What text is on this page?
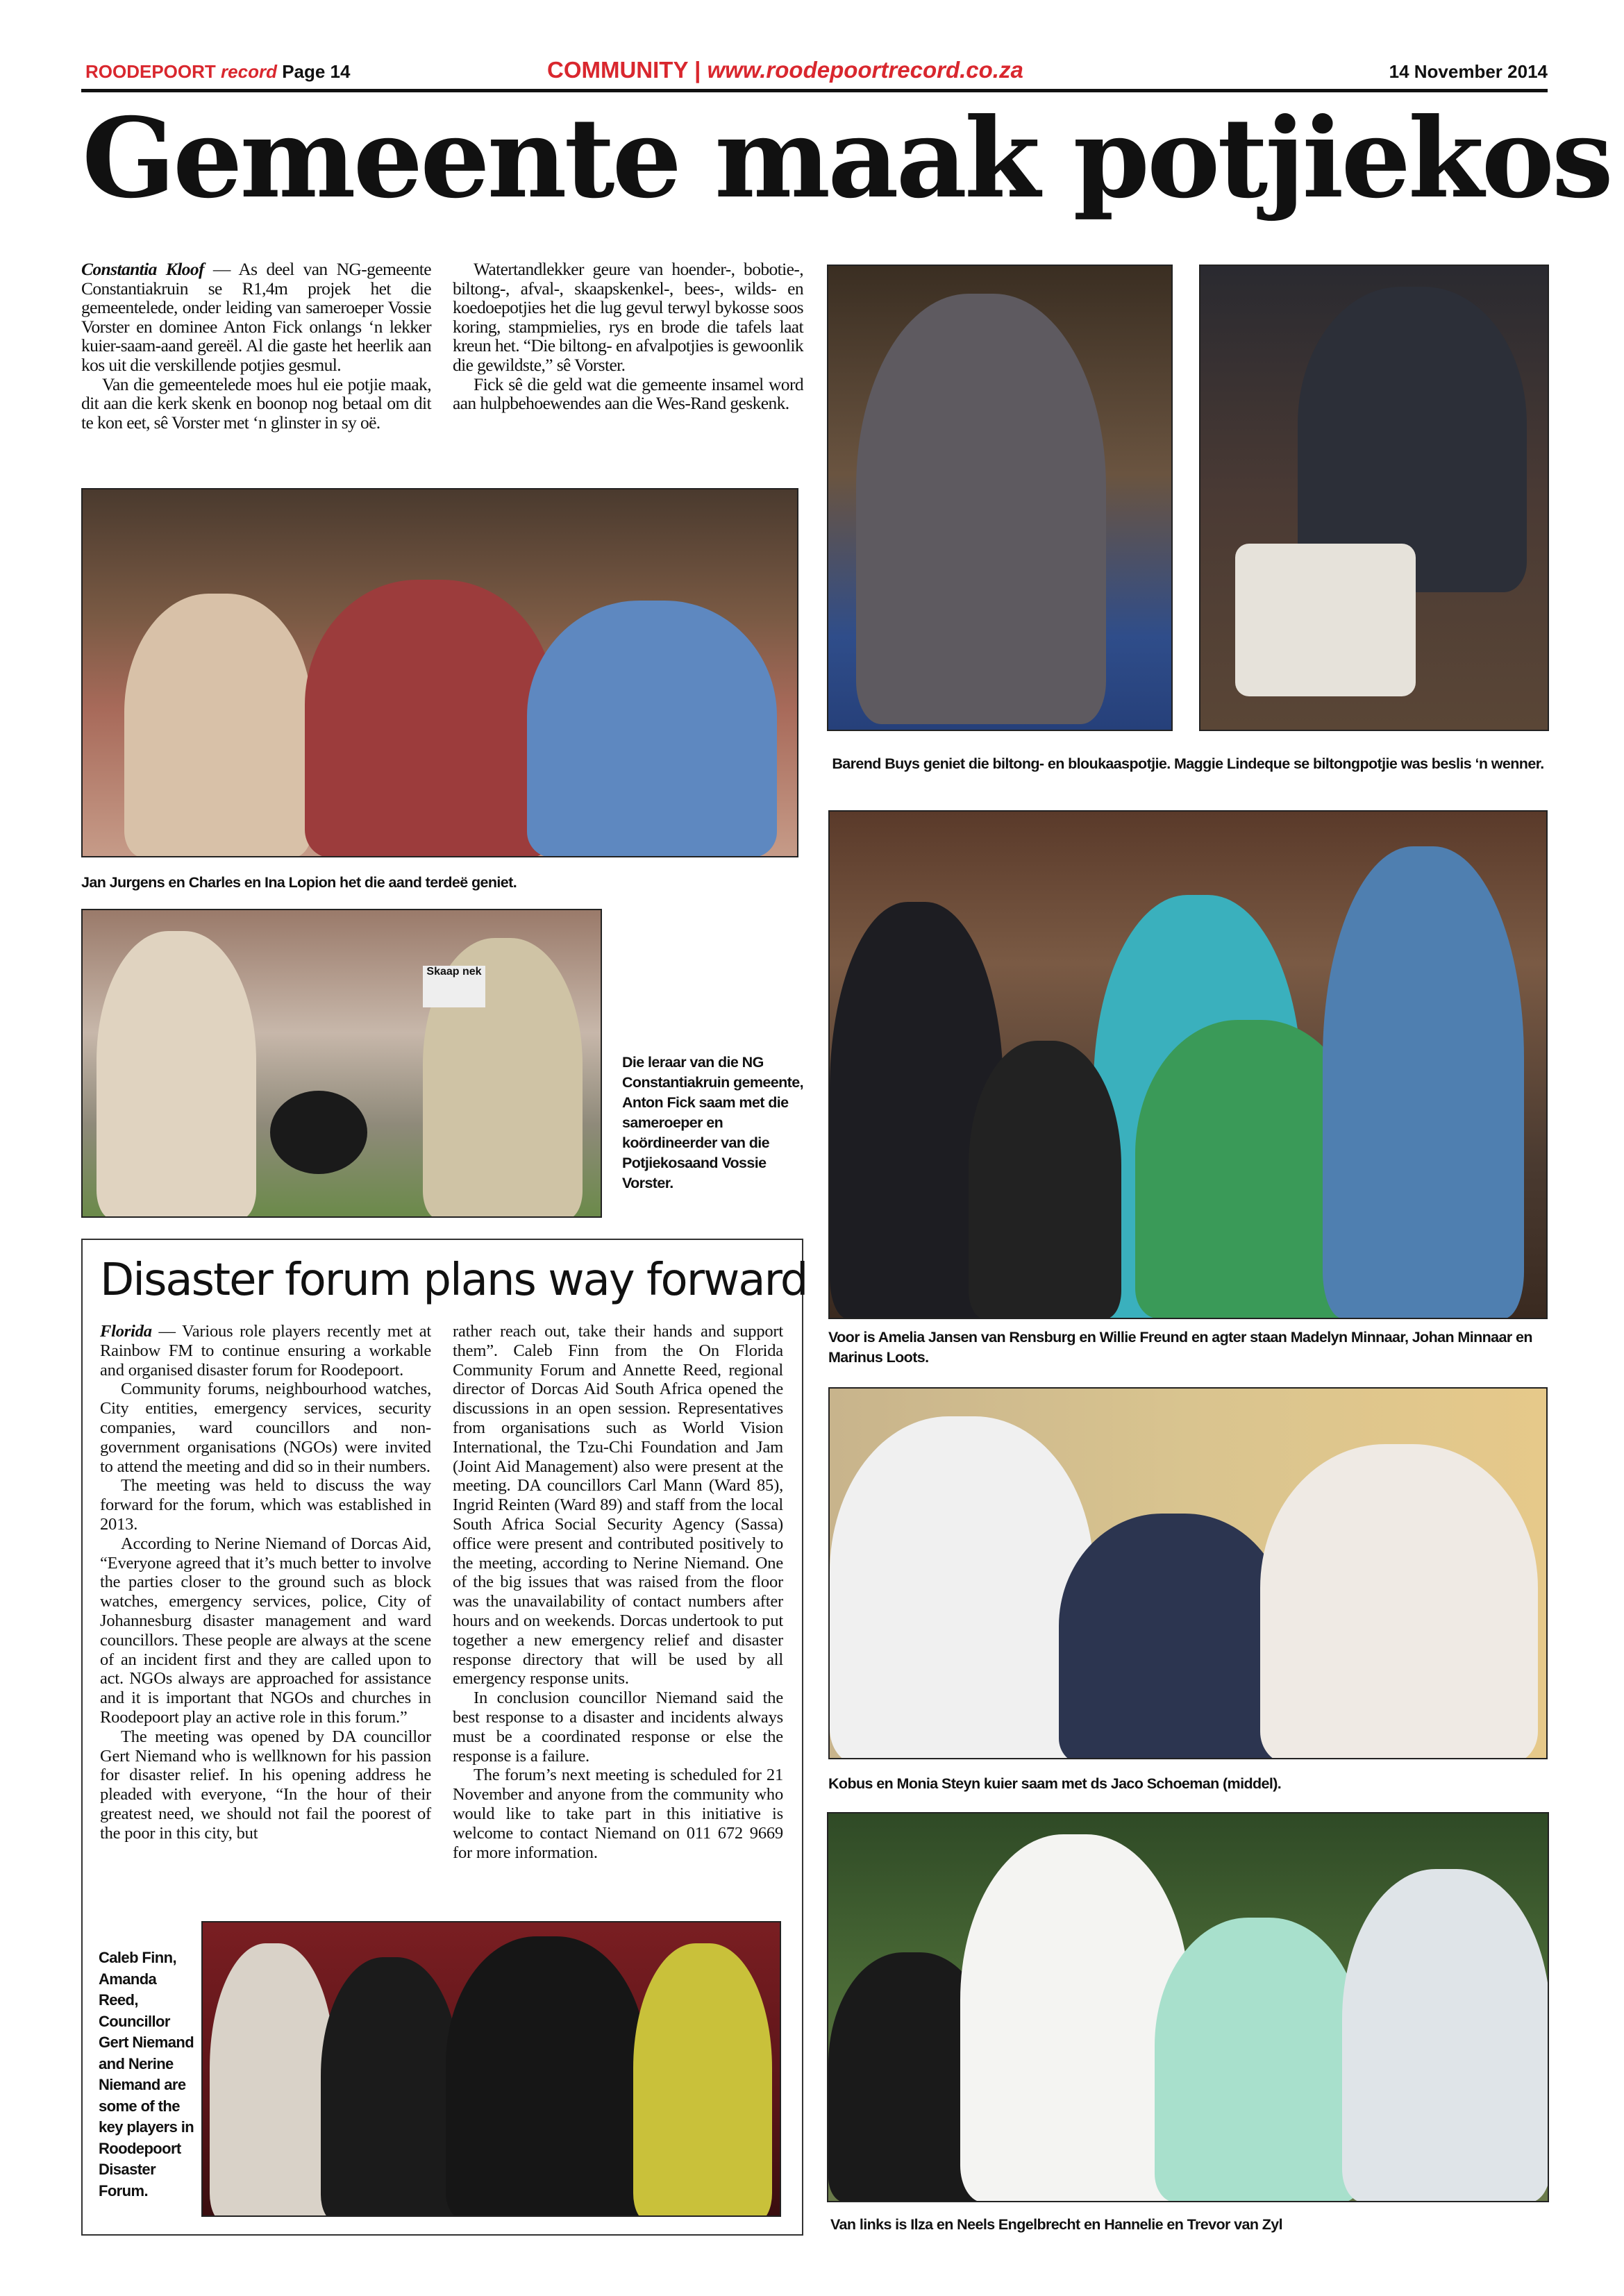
ROODEPOORT record Page 14	COMMUNITY | www.roodepoortrecord.co.za	14 November 2014
Gemeente maak potjiekos

Constantia Kloof — As deel van NG-gemeente Constantiakruin se R1,4m projek het die gemeentelede, onder leiding van sameroeper Vossie Vorster en dominee Anton Fick onlangs ‘n lekker kuier-saam-aand gereël. Al die gaste het heerlik aan kos uit die verskillende potjies gesmul.

Van die gemeentelede moes hul eie potjie maak, dit aan die kerk skenk en boonop nog betaal om dit te kon eet, sê Vorster met ‘n glinster in sy oë.

Watertandlekker geure van hoender-, bobotie-, biltong-, afval-, skaapskenkel-, bees-, wilds- en koedoepotjies het die lug gevul terwyl bykosse soos koring, stampmielies, rys en brode die tafels laat kreun het. “Die biltong- en afvalpotjies is gewoonlik die gewildste,” sê Vorster.

Fick sê die geld wat die gemeente insamel word aan hulpbehoewendes aan die Wes-Rand geskenk.

Jan Jurgens en Charles en Ina Lopion het die aand terdeë geniet.
Skaap nek
Die leraar van die NG Constantiakruin gemeente, Anton Fick saam met die sameroeper en koördineerder van die Potjiekosaand Vossie Vorster.
Disaster forum plans way forward

Florida — Various role players recently met at Rainbow FM to continue ensuring a workable and organised disaster forum for Roodepoort.

Community forums, neighbourhood watches, City entities, emergency services, security companies, ward councillors and non-government organisations (NGOs) were invited to attend the meeting and did so in their numbers.

The meeting was held to discuss the way forward for the forum, which was established in 2013.

According to Nerine Niemand of Dorcas Aid, “Everyone agreed that it’s much better to involve the parties closer to the ground such as block watches, emergency services, police, City of Johannesburg disaster management and ward councillors. These people are always at the scene of an incident first and they are called upon to act. NGOs always are approached for assistance and it is important that NGOs and churches in Roodepoort play an active role in this forum.”

The meeting was opened by DA councillor Gert Niemand who is wellknown for his passion for disaster relief. In his opening address he pleaded with everyone, “In the hour of their greatest need, we should not fail the poorest of the poor in this city, but

rather reach out, take their hands and support them”. Caleb Finn from the On Florida Community Forum and Annette Reed, regional director of Dorcas Aid South Africa opened the discussions in an open session. Representatives from organisations such as World Vision International, the Tzu-Chi Foundation and Jam (Joint Aid Management) also were present at the meeting. DA councillors Carl Mann (Ward 85), Ingrid Reinten (Ward 89) and staff from the local South Africa Social Security Agency (Sassa) office were present and contributed positively to the meeting, according to Nerine Niemand. One of the big issues that was raised from the floor was the unavailability of contact numbers after hours and on weekends. Dorcas undertook to put together a new emergency relief and disaster response directory that will be used by all emergency response units.

In conclusion councillor Niemand said the best response to a disaster and incidents always must be a coordinated response or else the response is a failure.

The forum’s next meeting is scheduled for 21 November and anyone from the community who would like to take part in this initiative is welcome to contact Niemand on 011 672 9669 for more information.

Caleb Finn, Amanda Reed, Councillor Gert Niemand and Nerine Niemand are some of the key players in Roodepoort Disaster Forum.
Barend Buys geniet die biltong- en bloukaaspotjie. Maggie Lindeque se biltongpotjie was beslis ‘n wenner.
Voor is Amelia Jansen van Rensburg en Willie Freund en agter staan Madelyn Minnaar, Johan Minnaar en Marinus Loots.
Kobus en Monia Steyn kuier saam met ds Jaco Schoeman (middel).
Van links is Ilza en Neels Engelbrecht en Hannelie en Trevor van Zyl
